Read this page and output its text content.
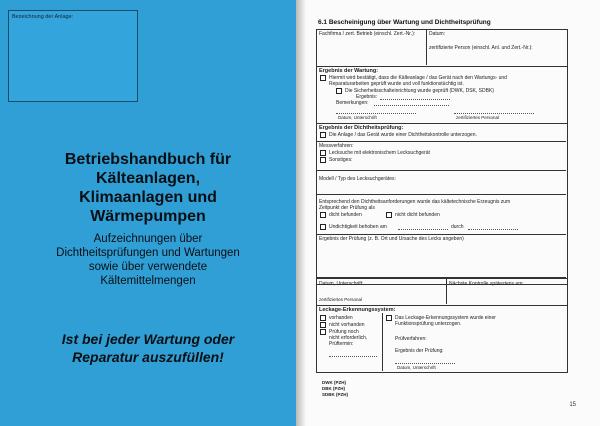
Bezeichnung der Anlage:
Betriebshandbuch für
Kälteanlagen,
Klimaanlagen und
Wärmepumpen
Aufzeichnungen über
Dichtheitsprüfungen und Wartungen
sowie über verwendete
Kältemittelmengen
Ist bei jeder Wartung oder
Reparatur auszufüllen!
6.1 Bescheinigung über Wartung und Dichtheitsprüfung
Fachfirma / zert. Betrieb (einschl. Zert.-Nr.):	Datum:
zertifizierte Person (einschl. Anl. und Zert.-Nr.):
Ergebnis der Wartung:
Hiermit wird bestätigt, dass die Kälteanlage / das Gerät nach den Wartungs- und
Reparaturarbeiten geprüft wurde und voll funktionstüchtig ist.
Die Sicherheitsschalteinrichtung wurde geprüft (DWK, DSK, SDBK)
Ergebnis:
Bemerkungen:
Datum, Unterschrift	zertifiziertes Personal
Ergebnis der Dichtheitsprüfung:
Die Anlage / das Gerät wurde einer Dichtheitskontrolle unterzogen.
Messverfahren:
Lecksuche mit elektronischem Lecksuchgerät
Sonstiges:
Modell / Typ des Lecksuchgerätes:
Entsprechend den Dichtheitsanforderungen wurde das kältetechnische Erzeugnis zum
Zeitpunkt der Prüfung als
dicht befunden	nicht dicht befunden
Undichtigkeit behoben am	durch
Ergebnis der Prüfung (z. B. Ort und Ursache des Lecks angeben)
Datum, Unterschrift:	Nächste Kontrolle spätestens am:
zertifiziertes Personal
Leckage-Erkennungssystem:
vorhanden
nicht vorhanden
Prüfung noch
nicht erforderlich,
Prüftermin:
Das Leckage-Erkennungssystem wurde einer
Funktionsprüfung unterzogen.
Prüfverfahren:
Ergebnis der Prüfung:
Datum, Unterschrift
DWK (PZH)
DBK (PZH)
SDBK (PZH)
15
